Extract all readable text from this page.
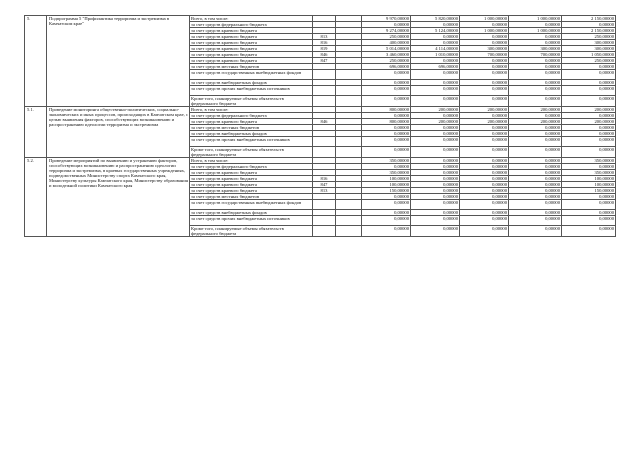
5.	Подпрограмма 5 "Профилактика терроризма и экстремизма в Камчатском крае"	Всего, в том числе:			9 970,00000	5 820,00000	1 000,00000	1 000,00000	2 150,00000
		за счет средств федерального бюджета			0,00000	0,00000	0,00000	0,00000	0,00000
		за счет средств краевого бюджета			9 274,00000	5 124,00000	1 000,00000	1 000,00000	2 150,00000
		за счет средств краевого бюджета	813		250,00000	0,00000	0,00000	0,00000	250,00000
		за счет средств краевого бюджета	816		400,00000	0,00000	0,00000	0,00000	300,00000
		за счет средств краевого бюджета	819		5 014,00000	4 114,00000	300,00000	300,00000	300,00000
		за счет средств краевого бюджета	846		3 460,00000	1 010,00000	700,00000	700,00000	1 050,00000
		за счет средств краевого бюджета	847		250,00000	0,00000	0,00000	0,00000	250,00000
		за счет средств местных бюджетов			696,00000	696,00000	0,00000	0,00000	0,00000
		за счет средств государственных внебюджетных фондов			0,00000	0,00000	0,00000	0,00000	0,00000
		за счет средств внебюджетных фондов			0,00000	0,00000	0,00000	0,00000	0,00000
		за счет средств прочих внебюджетных источников			0,00000	0,00000	0,00000	0,00000	0,00000
		Кроме того, планируемые объемы обязательств федерального бюджета			0,00000	0,00000	0,00000	0,00000	0,00000
5.1.	Проведение мониторинга общественно-политических, социально-экономических и иных процессов, происходящих в Камчатском крае, с целью выявления факторов, способствующих возникновению и распространению идеологии терроризма и экстремизма	Всего, в том числе:			800,00000	200,00000	200,00000	200,00000	200,00000
		за счет средств федерального бюджета			0,00000	0,00000	0,00000	0,00000	0,00000
		за счет средств краевого бюджета	846		800,00000	200,00000	200,00000	200,00000	200,00000
		за счет средств местных бюджетов			0,00000	0,00000	0,00000	0,00000	0,00000
		за счет средств внебюджетных фондов			0,00000	0,00000	0,00000	0,00000	0,00000
		за счет средств прочих внебюджетных источников			0,00000	0,00000	0,00000	0,00000	0,00000
		Кроме того, планируемые объемы обязательств федерального бюджета			0,00000	0,00000	0,00000	0,00000	0,00000
5.2.	Проведение мероприятий по выявлению и устранению факторов, способствующих возникновению и распространению идеологии терроризма и экстремизма, в краевых государственных учреждениях, подведомственных Министерству спорта Камчатского края, Министерству культуры Камчатского края, Министерству образования и молодежной политики Камчатского края	Всего, в том числе:			350,00000	0,00000	0,00000	0,00000	350,00000
		за счет средств федерального бюджета			0,00000	0,00000	0,00000	0,00000	0,00000
		за счет средств краевого бюджета			350,00000	0,00000	0,00000	0,00000	350,00000
		за счет средств краевого бюджета	816		100,00000	0,00000	0,00000	0,00000	100,00000
		за счет средств краевого бюджета	847		100,00000	0,00000	0,00000	0,00000	100,00000
		за счет средств краевого бюджета	813		150,00000	0,00000	0,00000	0,00000	150,00000
		за счет средств местных бюджетов			0,00000	0,00000	0,00000	0,00000	0,00000
		за счет средств государственных внебюджетных фондов			0,00000	0,00000	0,00000	0,00000	0,00000
		за счет средств внебюджетных фондов			0,00000	0,00000	0,00000	0,00000	0,00000
		за счет средств прочих внебюджетных источников			0,00000	0,00000	0,00000	0,00000	0,00000
		Кроме того, планируемые объемы обязательств федерального бюджета			0,00000	0,00000	0,00000	0,00000	0,00000
